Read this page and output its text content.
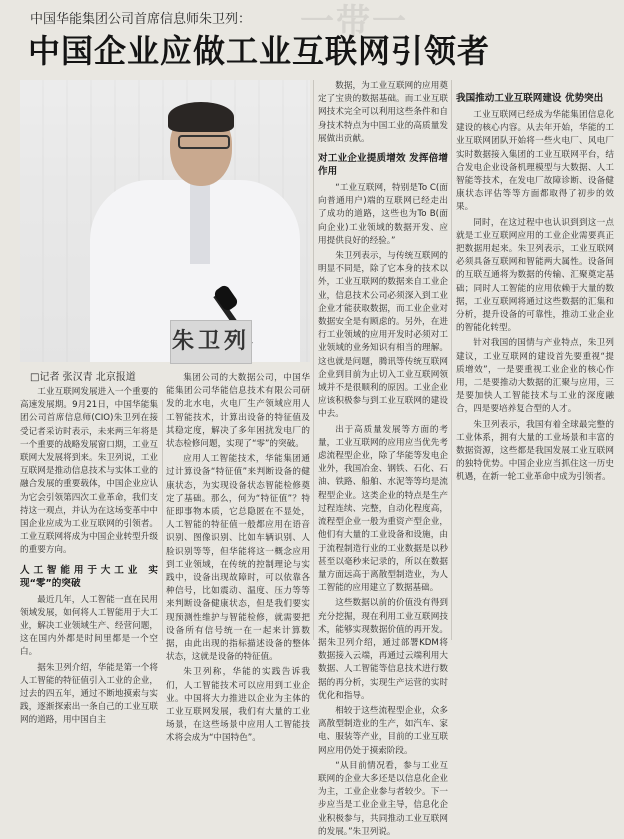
一带一
中国华能集团公司首席信息师朱卫列：
中国企业应做工业互联网引领者
朱卫列
□记者 张汉青 北京报道

数据，为工业互联网的应用奠定了宝贵的数据基础。而工业互联网技术完全可以利用这些条件和自身技术特点为中国工业的高质量发展做出贡献。

对工业企业提质增效 发挥倍增作用

“工业互联网，特别是To C(面向普通用户)端的互联网已经走出了成功的道路，这些也为To B(面向企业)工业领域的数据开发、应用提供良好的经验。”

朱卫列表示，与传统互联网的明显不同是，除了它本身的技术以外，工业互联网的数据来自工业企业，信息技术公司必须深入到工业企业才能获取数据，而工业企业对数据安全是有顾虑的。另外，在进行工业领域的应用开发时必须对工业领域的业务知识有相当的理解。这也就是问题，腾讯等传统互联网企业到目前为止切入工业互联网领域并不是很顺利的原因。工业企业应该积极参与到工业互联网的建设中去。

出于高质量发展等方面的考量，工业互联网的应用应当优先考虑流程型企业，除了华能等发电企业外，我国冶金、钢铁、石化、石油、铁路、船舶、水泥等等均是流程型企业。这类企业的特点是生产过程连续、完整，自动化程度高，流程型企业一般为重资产型企业，他们有大量的工业设备和设施，由于流程制造行业的工业数据是以秒甚至以毫秒来记录的，所以在数据量方面远高于离散型制造业，为人工智能的应用建立了数据基础。

这些数据以前的价值没有得到充分挖掘，现在利用工业互联网技术，能够实现数据价值的再开发。据朱卫列介绍，通过部署KDM将数据接入云端，再通过云端利用大数据、人工智能等信息技术进行数据的再分析，实现生产运营的实时优化和指导。

相较于这些流程型企业，众多离散型制造业的生产，如汽车、家电、服装等产业，目前的工业互联网应用仍处于摸索阶段。

“从目前情况看，参与工业互联网的企业大多还是以信息化企业为主，工业企业参与者较少。下一步应当是工业企业主导，信息化企业积极参与，共同推动工业互联网的发展。”朱卫列说。

我国推动工业互联网建设 优势突出

工业互联网已经成为华能集团信息化建设的核心内容。从去年开始，华能的工业互联网团队开始将一些火电厂、风电厂实时数据接入集团的工业互联网平台，结合发电企业设备机理模型与大数据、人工智能等技术，在发电厂故障诊断、设备健康状态评估等等方面都取得了初步的效果。

同时，在这过程中也认识到到这一点就是工业互联网应用的工业企业需要真正把数据用起来。朱卫列表示，工业互联网必须具备互联网和智能两大属性。设备间的互联互通将为数据的传输、汇聚奠定基础；同时人工智能的应用依赖于大量的数据，工业互联网将通过这些数据的汇集和分析，提升设备的可靠性，推动工业企业的智能化转型。

针对我国的国情与产业特点，朱卫列建议，工业互联网的建设首先要重视“提质增效”，一是要重视工业企业的核心作用，二是要推动大数据的汇聚与应用，三是要加快人工智能技术与工业的深度融合，四是要培养复合型的人才。

朱卫列表示，我国有着全球最完整的工业体系，拥有大量的工业场景和丰富的数据资源，这些都是我国发展工业互联网的独特优势。中国企业应当抓住这一历史机遇，在新一轮工业革命中成为引领者。

工业互联网发展进入一个重要的高速发展期。9月21日，中国华能集团公司首席信息师(CIO)朱卫列在接受记者采访时表示，未来两三年将是一个重要的战略发展窗口期，工业互联网大发展将到来。朱卫列说，工业互联网是推动信息技术与实体工业的融合发展的重要载体，中国企业应认为它会引领第四次工业革命，我们支持这一观点，并认为在这场变革中中国企业应成为工业互联网的引领者。工业互联网将成为中国企业转型升级的重要方向。

人工智能用于大工业 实现“零”的突破

最近几年，人工智能一直在民用领域发展，如何将人工智能用于大工业，解决工业领域生产、经营问题，这在国内外都是时间里都是一个空白。

据朱卫列介绍，华能是第一个将人工智能的特征值引入工业的企业，过去的四五年，通过不断地摸索与实践，逐渐探索出一条自己的工业互联网的道路，用中国自主

集团公司的大数据公司，中国华能集团公司华能信息技术有限公司研发的北水电，火电厂生产领域应用人工智能技术，计算出设备的特征值及其稳定度，解决了多年困扰发电厂的状态检修问题，实现了“零”的突破。

应用人工智能技术，华能集团通过计算设备“特征值”来判断设备的健康状态，为实现设备状态智能检修奠定了基础。那么，何为“特征值”？特征即事物本质，它总隐匿在不显处，人工智能的特征值一般都应用在语音识别、图像识别、比如车辆识别、人脸识别等等，但华能将这一概念应用到工业领域，在传统的控制理论与实践中，设备出现故障时，可以依靠各种信号，比如震动、温度、压力等等来判断设备健康状态，但是我们要实现预测性维护与智能检修，就需要把设备所有信号统一在一起来计算数据，由此出现的指标描述设备的整体状态，这就是设备的特征值。

朱卫列称，华能的实践告诉我们，人工智能技术可以应用到工业企业。中国将大力推进以企业为主体的工业互联网发展，我们有大量的工业场景，在这些场景中应用人工智能技术将会成为“中国特色”。
